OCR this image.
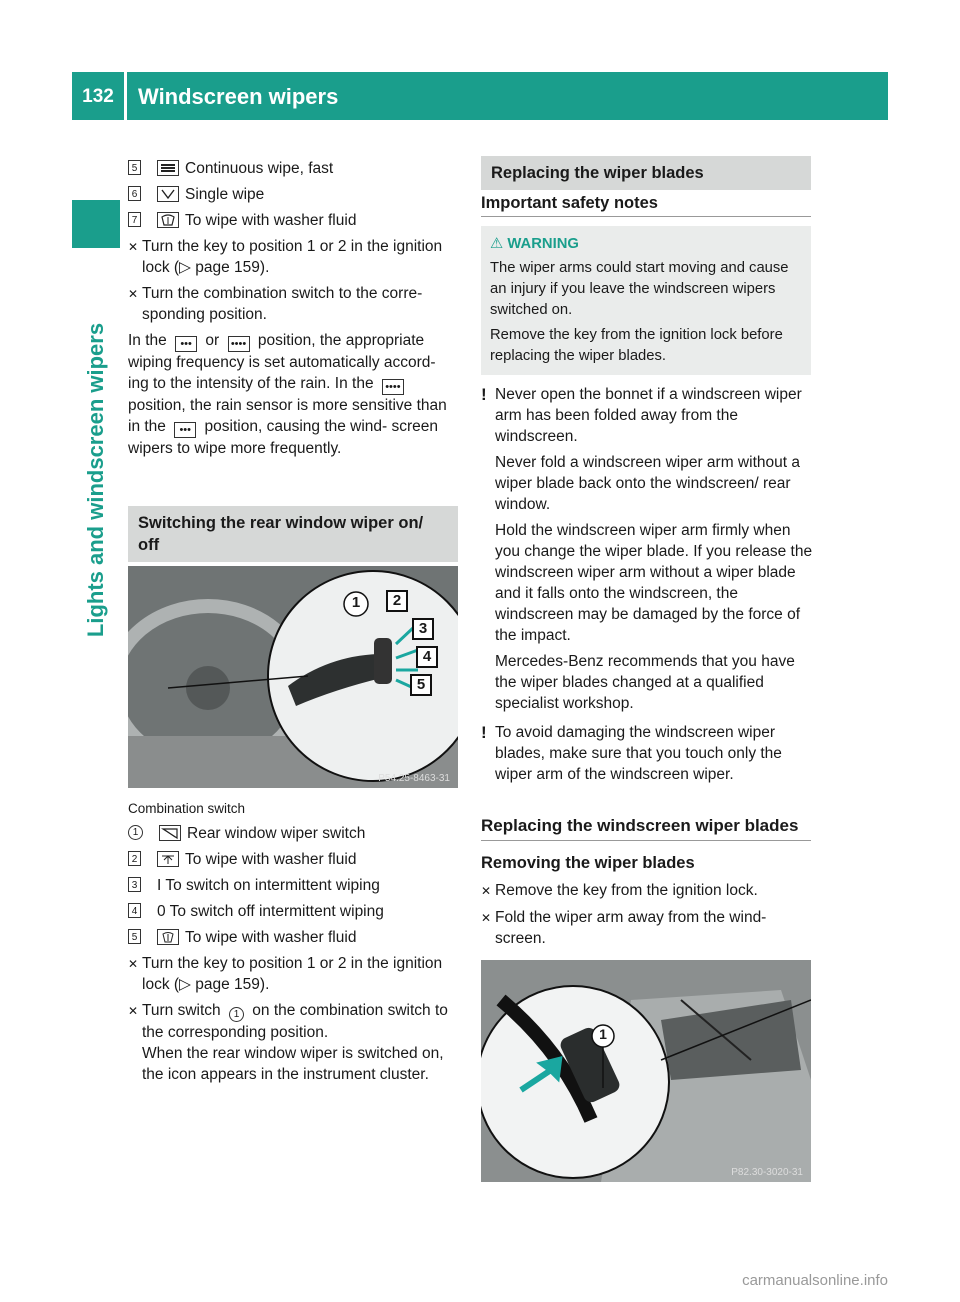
132	Windscreen wipers
Lights and windscreen wipers
5	Continuous wipe, fast
6	Single wipe
7	To wipe with washer fluid
✕ Turn the key to position 1 or 2 in the ignition lock (▷ page 159).
✕ Turn the combination switch to the corre- sponding position.
In the ••• or •••• position, the appropriate wiping frequency is set automatically accord- ing to the intensity of the rain. In the •••• position, the rain sensor is more sensitive than in the ••• position, causing the wind- screen wipers to wipe more frequently.
Switching the rear window wiper on/ off
1	2
3
4
5
P54.25-8463-31
Combination switch
1	Rear window wiper switch
2	To wipe with washer fluid
3 I To switch on intermittent wiping
4 0 To switch off intermittent wiping
5	To wipe with washer fluid
✕ Turn the key to position 1 or 2 in the ignition lock (▷ page 159).
✕ Turn switch 1 on the combination switch to the corresponding position.
When the rear window wiper is switched on, the icon appears in the instrument cluster.
Replacing the wiper blades
Important safety notes
⚠ WARNING
The wiper arms could start moving and cause an injury if you leave the windscreen wipers switched on.
Remove the key from the ignition lock before replacing the wiper blades.
! Never open the bonnet if a windscreen wiper arm has been folded away from the windscreen.
Never fold a windscreen wiper arm without a wiper blade back onto the windscreen/ rear window.
Hold the windscreen wiper arm firmly when you change the wiper blade. If you release the windscreen wiper arm without a wiper blade and it falls onto the windscreen, the windscreen may be damaged by the force of the impact.
Mercedes-Benz recommends that you have the wiper blades changed at a qualified specialist workshop.
! To avoid damaging the windscreen wiper blades, make sure that you touch only the wiper arm of the windscreen wiper.
Replacing the windscreen wiper blades
Removing the wiper blades
✕ Remove the key from the ignition lock.
✕ Fold the wiper arm away from the wind- screen.
1
P82.30-3020-31
carmanualsonline.info
